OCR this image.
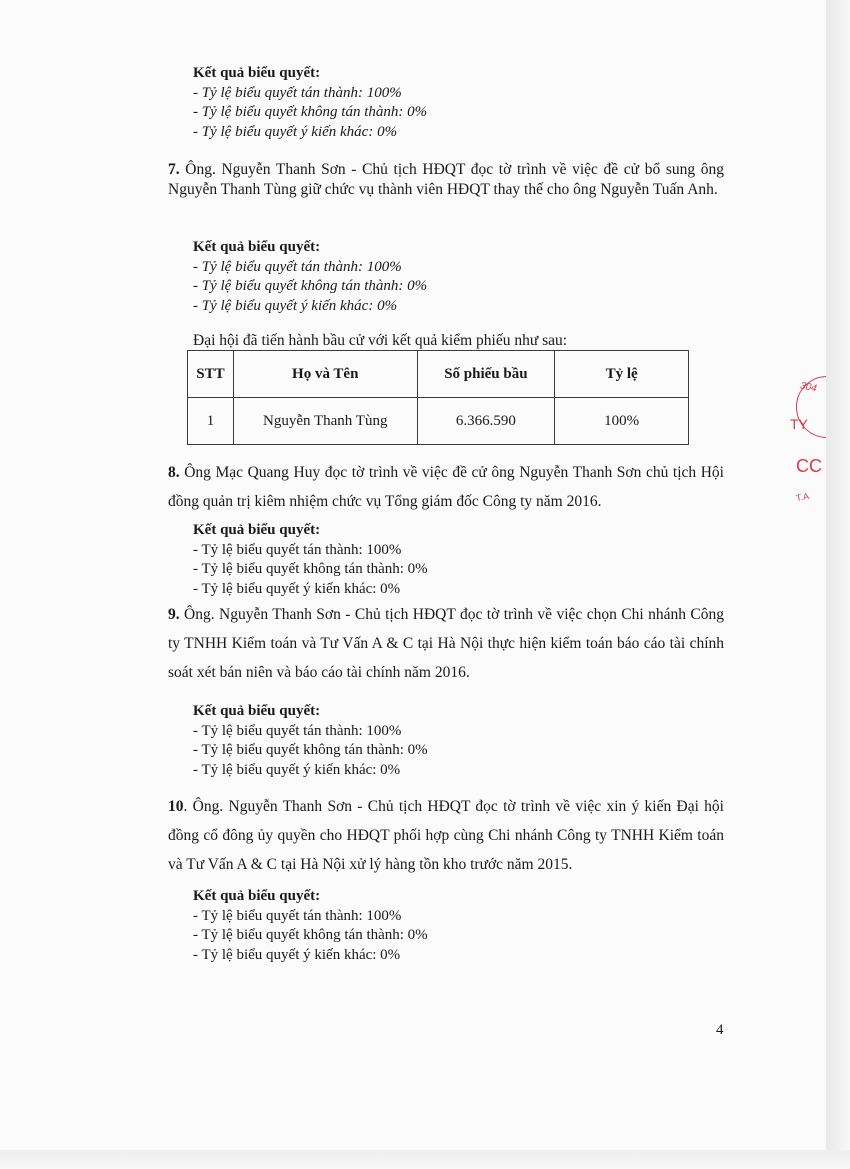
Kết quả biểu quyết:
- Tỷ lệ biểu quyết tán thành: 100%
- Tỷ lệ biểu quyết không tán thành: 0%
- Tỷ lệ biểu quyết ý kiến khác: 0%
7. Ông. Nguyễn Thanh Sơn - Chủ tịch HĐQT đọc tờ trình về việc đề cử bổ sung ông Nguyễn Thanh Tùng giữ chức vụ thành viên HĐQT thay thế cho ông Nguyễn Tuấn Anh.
Kết quả biểu quyết:
- Tỷ lệ biểu quyết tán thành: 100%
- Tỷ lệ biểu quyết không tán thành: 0%
- Tỷ lệ biểu quyết ý kiến khác: 0%
Đại hội đã tiến hành bầu cử với kết quả kiểm phiếu như sau:
STT	Họ và Tên	Số phiếu bầu	Tỷ lệ
1	Nguyễn Thanh Tùng	6.366.590	100%
8. Ông Mạc Quang Huy đọc tờ trình về việc đề cử ông Nguyễn Thanh Sơn chủ tịch Hội đồng quản trị kiêm nhiệm chức vụ Tổng giám đốc Công ty năm 2016.
Kết quả biểu quyết:
- Tỷ lệ biểu quyết tán thành: 100%
- Tỷ lệ biểu quyết không tán thành: 0%
- Tỷ lệ biểu quyết ý kiến khác: 0%
9. Ông. Nguyễn Thanh Sơn - Chủ tịch HĐQT đọc tờ trình về việc chọn Chi nhánh Công ty TNHH Kiểm toán và Tư Vấn A & C tại Hà Nội thực hiện kiểm toán báo cáo tài chính soát xét bán niên và báo cáo tài chính năm 2016.
Kết quả biểu quyết:
- Tỷ lệ biểu quyết tán thành: 100%
- Tỷ lệ biểu quyết không tán thành: 0%
- Tỷ lệ biểu quyết ý kiến khác: 0%
10. Ông. Nguyễn Thanh Sơn - Chủ tịch HĐQT đọc tờ trình về việc xin ý kiến Đại hội đồng cổ đông ủy quyền cho HĐQT phối hợp cùng Chi nhánh Công ty TNHH Kiểm toán và Tư Vấn A & C tại Hà Nội xử lý hàng tồn kho trước năm 2015.
Kết quả biểu quyết:
- Tỷ lệ biểu quyết tán thành: 100%
- Tỷ lệ biểu quyết không tán thành: 0%
- Tỷ lệ biểu quyết ý kiến khác: 0%
4
304
TY
CC
T.A
